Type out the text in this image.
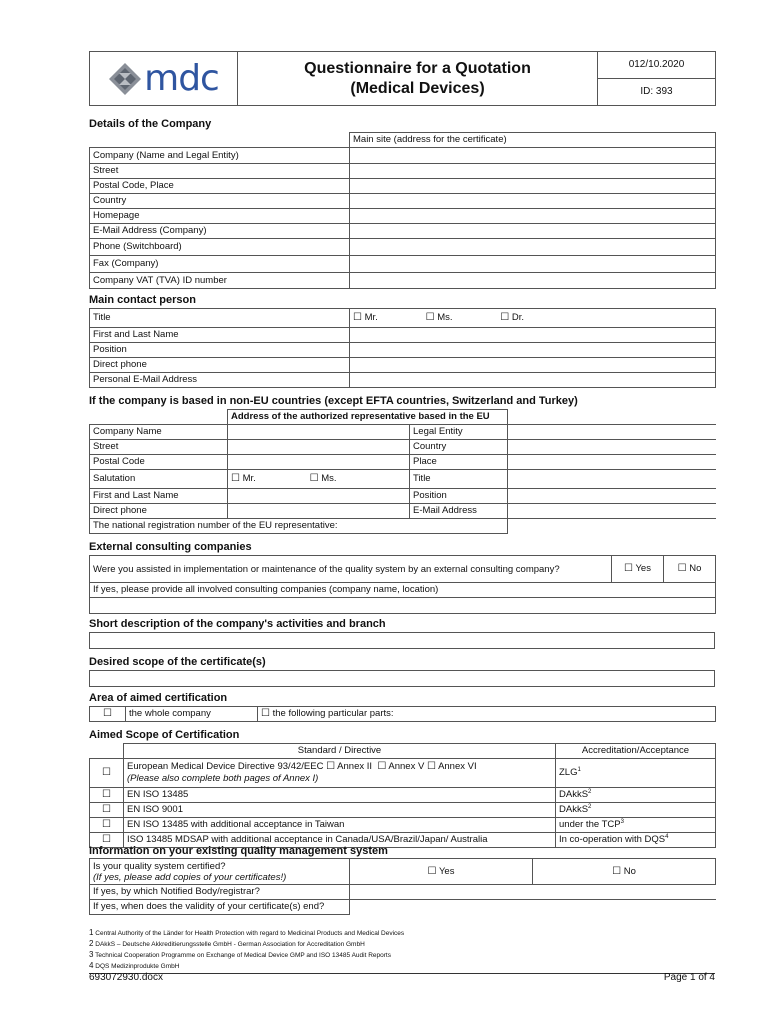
mdc	Questionnaire for a Quotation
(Medical Devices)
	012/10.2020
ID: 393
Details of the Company
	Main site (address for the certificate)
Company (Name and Legal Entity)	
Street	
Postal Code, Place	
Country	
Homepage	
E-Mail Address (Company)	
Phone (Switchboard)	
Fax (Company)	
Company VAT (TVA) ID number	
Main contact person
Title	☐ Mr. ☐ Ms. ☐ Dr.
First and Last Name	
Position	
Direct phone	
Personal E-Mail Address	
If the company is based in non-EU countries (except EFTA countries, Switzerland and Turkey)
	Address of the authorized representative based in the EU		
Company Name		Legal Entity	
Street		Country	
Postal Code		Place	
Salutation	☐ Mr. ☐ Ms.	Title	
First and Last Name		Position	
Direct phone		E-Mail Address	
The national registration number of the EU representative:			
External consulting companies
Were you assisted in implementation or maintenance of the quality system by an external consulting company?	☐ Yes	☐ No
If yes, please provide all involved consulting companies (company name, location)

Short description of the company's activities and branch
Desired scope of the certificate(s)
Area of aimed certification
☐	the whole company	☐ the following particular parts:
Aimed Scope of Certification
	Standard / Directive	Accreditation/Acceptance
☐	European Medical Device Directive 93/42/EEC ☐ Annex II ☐ Annex V ☐ Annex VI
(Please also complete both pages of Annex I)	ZLG$^1$
☐	EN ISO 13485	DAkkS$^2$
☐	EN ISO 9001	DAkkS$^2$
☐	EN ISO 13485 with additional acceptance in Taiwan	under the TCP$^3$
☐	ISO 13485 MDSAP with additional acceptance in Canada/USA/Brazil/Japan/ Australia	In co-operation with DQS$^4$
Information on your existing quality management system
Is your quality system certified?
(If yes, please add copies of your certificates!)	☐ Yes	☐ No
If yes, by which Notified Body/registrar?		
If yes, when does the validity of your certificate(s) end?		
1 Central Authority of the Länder for Health Protection with regard to Medicinal Products and Medical Devices
2 DAkkS – Deutsche Akkreditierungsstelle GmbH - German Association for Accreditation GmbH
3 Technical Cooperation Programme on Exchange of Medical Device GMP and ISO 13485 Audit Reports
4 DQS Medizinprodukte GmbH
693072930.docx	Page 1 of 4
